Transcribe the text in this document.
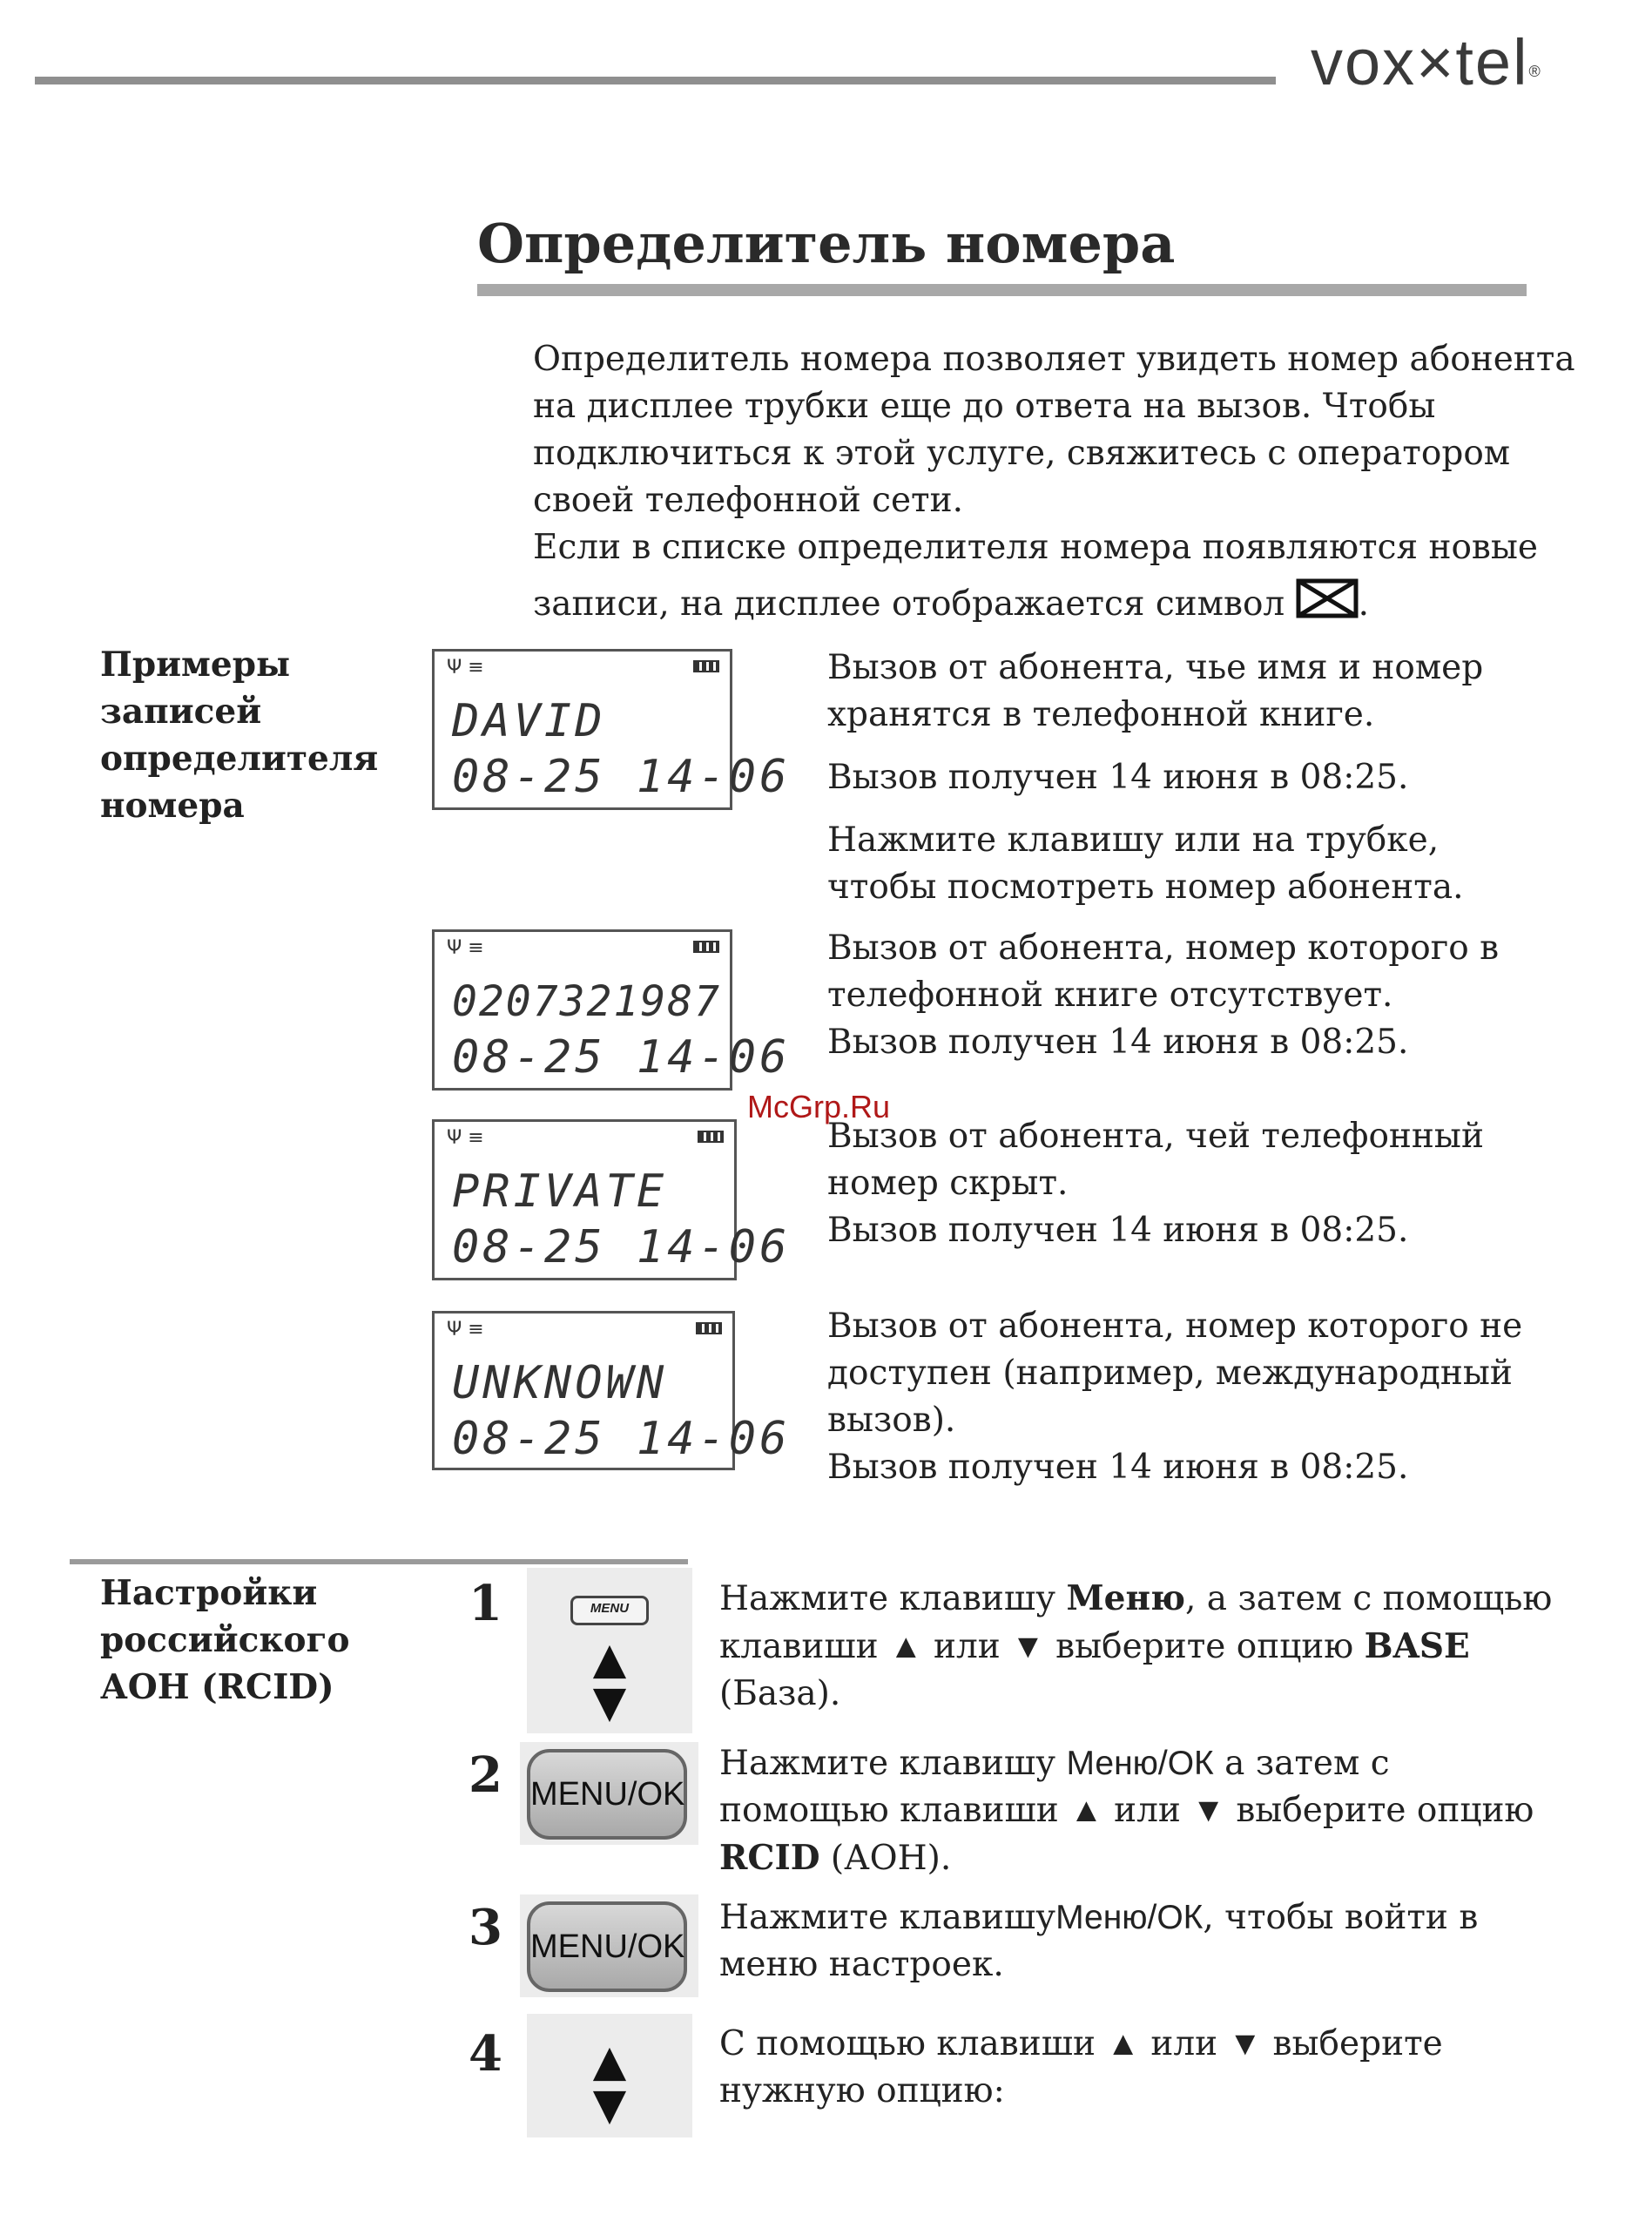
vox×tel®
Определитель номера
Определитель номера позволяет увидеть номер абонента
на дисплее трубки еще до ответа на вызов. Чтобы
подключиться к этой услуге, свяжитесь с оператором
своей телефонной сети.
Если в списке определителя номера появляются новые
записи, на дисплее отображается символ .
Примеры
записей
определителя
номера
Ψ ≡
DAVID
08-25 14-06
Вызов от абонента, чье имя и номер
хранятся в телефонной книге.
Вызов получен 14 июня в 08:25.
Нажмите клавишу или на трубке,
чтобы посмотреть номер абонента.
Ψ ≡
0207321987
08-25 14-06
Вызов от абонента, номер которого в
телефонной книге отсутствует.
Вызов получен 14 июня в 08:25.
McGrp.Ru
Ψ ≡
PRIVATE
08-25 14-06
Вызов от абонента, чей телефонный
номер скрыт.
Вызов получен 14 июня в 08:25.
Ψ ≡
UNKNOWN
08-25 14-06
Вызов от абонента, номер которого не
доступен (например, международный
вызов).
Вызов получен 14 июня в 08:25.
Настройки
российского
АОН (RCID)
1	MENU
▲
▼
Нажмите клавишу Меню, а затем с помощью
клавиши ▲ или ▼ выберите опцию BASE
(База).
2 MENU/OK
Нажмите клавишу Меню/ОК а затем с
помощью клавиши ▲ или ▼ выберите опцию
RCID (АОН).
3 MENU/OK
Нажмите клавишуМеню/ОК, чтобы войти в
меню настроек.
4 ▲
▼
С помощью клавиши ▲ или ▼ выберите
нужную опцию:
